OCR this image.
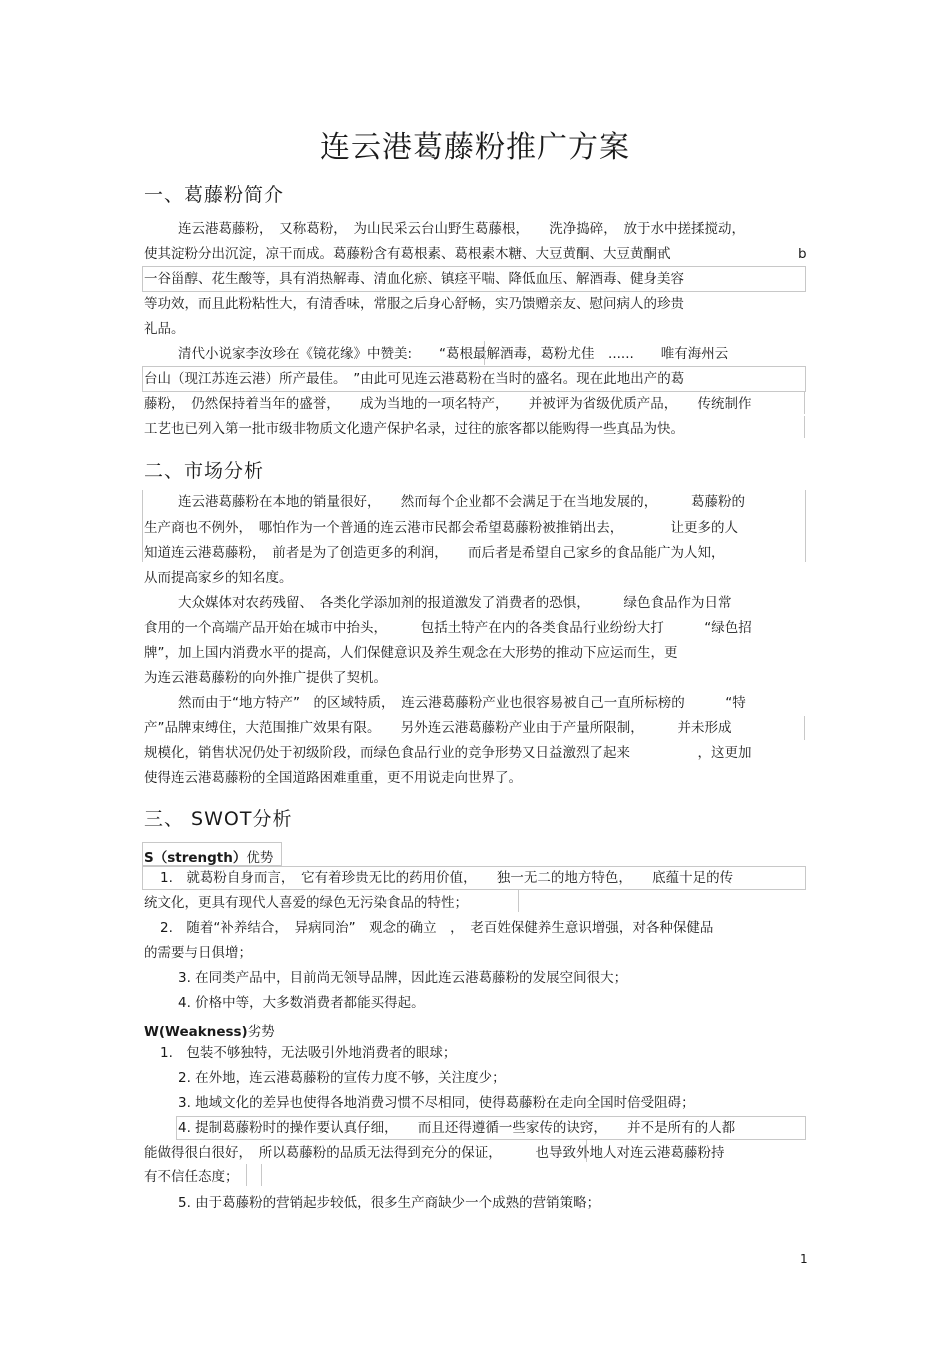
连云港葛藤粉推广方案
一、葛藤粉简介
连云港葛藤粉，　又称葛粉，　为山民采云台山野生葛藤根，　　洗净捣碎，　放于水中搓揉搅动，
使其淀粉分出沉淀，凉干而成。葛藤粉含有葛根素、葛根素木糖、大豆黄酮、大豆黄酮甙	b
一谷甾醇、花生酸等，具有消热解毒、清血化瘀、镇痉平喘、降低血压、解酒毒、健身美容
等功效，而且此粉粘性大，有清香味，常服之后身心舒畅，实乃馈赠亲友、慰问病人的珍贵
礼品。
清代小说家李汝珍在《镜花缘》中赞美:　　“葛根最解酒毒，葛粉尤佳　......　　唯有海州云
台山（现江苏连云港）所产最佳。　”由此可见连云港葛粉在当时的盛名。现在此地出产的葛
藤粉，　仍然保持着当年的盛誉，　　成为当地的一项名特产，　　并被评为省级优质产品，　　传统制作
工艺也已列入第一批市级非物质文化遗产保护名录，过往的旅客都以能购得一些真品为快。
二、市场分析
连云港葛藤粉在本地的销量很好，　　然而每个企业都不会满足于在当地发展的，　　　葛藤粉的
生产商也不例外，　哪怕作为一个普通的连云港市民都会希望葛藤粉被推销出去，　　　　让更多的人
知道连云港葛藤粉，　前者是为了创造更多的利润，　　而后者是希望自己家乡的食品能广为人知，
从而提高家乡的知名度。
大众媒体对农药残留、　各类化学添加剂的报道激发了消费者的恐惧，　　　绿色食品作为日常
食用的一个高端产品开始在城市中抬头，　　　包括土特产在内的各类食品行业纷纷大打　　　“绿色招
牌”，加上国内消费水平的提高，人们保健意识及养生观念在大形势的推动下应运而生，更
为连云港葛藤粉的向外推广提供了契机。
然而由于“地方特产”　的区域特质，　连云港葛藤粉产业也很容易被自己一直所标榜的　　　“特
产”品牌束缚住，大范围推广效果有限。　　另外连云港葛藤粉产业由于产量所限制，　　　并未形成
规模化，销售状况仍处于初级阶段，而绿色食品行业的竞争形势又日益激烈了起来　　　　　，这更加
使得连云港葛藤粉的全国道路困难重重，更不用说走向世界了。
三、 SWOT分析
S（strength）优势
1.　就葛粉自身而言，　它有着珍贵无比的药用价值，　　独一无二的地方特色，　　底蕴十足的传
统文化，更具有现代人喜爱的绿色无污染食品的特性；
2.　随着“补养结合，　异病同治”　观念的确立　，　老百姓保健养生意识增强，对各种保健品
的需要与日俱增；
3. 在同类产品中，目前尚无领导品牌，因此连云港葛藤粉的发展空间很大；
4. 价格中等，大多数消费者都能买得起。
W(Weakness)劣势
1.　包装不够独特，无法吸引外地消费者的眼球；
2. 在外地，连云港葛藤粉的宣传力度不够，关注度少；
3. 地域文化的差异也使得各地消费习惯不尽相同，使得葛藤粉在走向全国时倍受阻碍；
4. 提制葛藤粉时的操作要认真仔细，　　而且还得遵循一些家传的诀窍，　　并不是所有的人都
能做得很白很好，　所以葛藤粉的品质无法得到充分的保证，　　　也导致外地人对连云港葛藤粉持
有不信任态度；
5. 由于葛藤粉的营销起步较低，很多生产商缺少一个成熟的营销策略；
1
